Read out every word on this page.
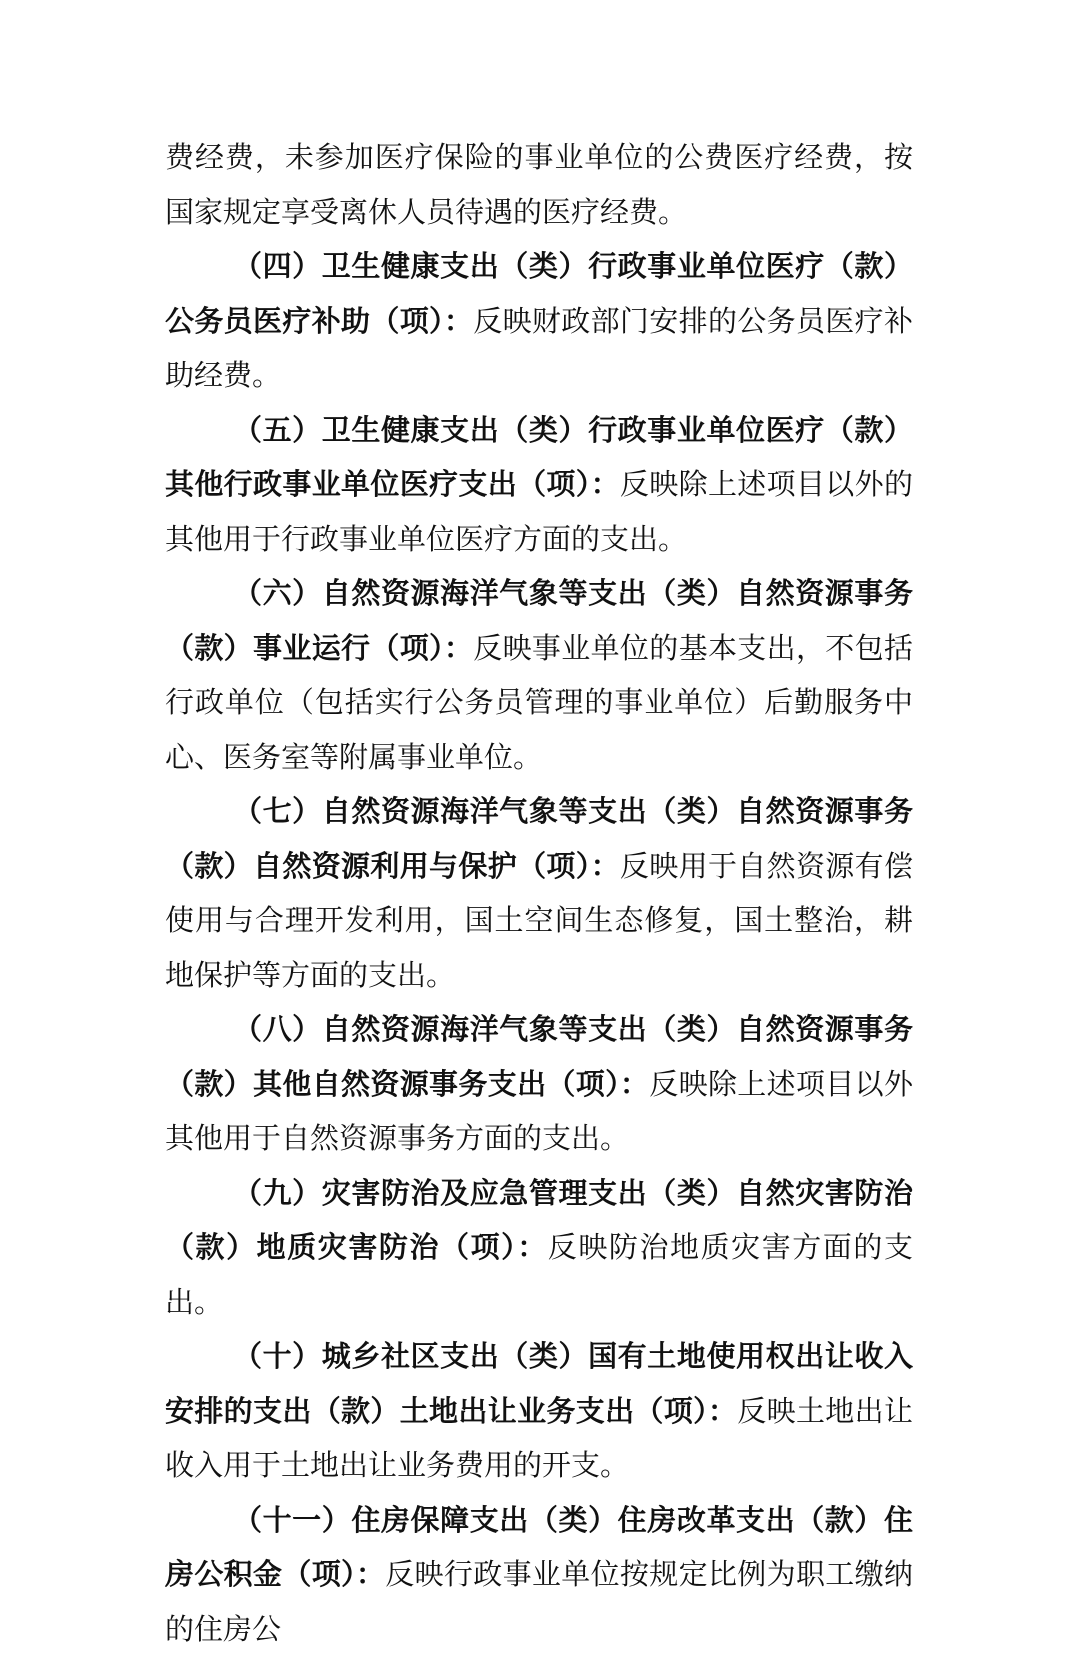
费经费，未参加医疗保险的事业单位的公费医疗经费，按国家规定享受离休人员待遇的医疗经费。

（四）卫生健康支出（类）行政事业单位医疗（款）公务员医疗补助（项）：反映财政部门安排的公务员医疗补助经费。

（五）卫生健康支出（类）行政事业单位医疗（款）其他行政事业单位医疗支出（项）：反映除上述项目以外的其他用于行政事业单位医疗方面的支出。

（六）自然资源海洋气象等支出（类）自然资源事务（款）事业运行（项）：反映事业单位的基本支出，不包括行政单位（包括实行公务员管理的事业单位）后勤服务中心、医务室等附属事业单位。

（七）自然资源海洋气象等支出（类）自然资源事务（款）自然资源利用与保护（项）：反映用于自然资源有偿使用与合理开发利用，国土空间生态修复，国土整治，耕地保护等方面的支出。

（八）自然资源海洋气象等支出（类）自然资源事务（款）其他自然资源事务支出（项）：反映除上述项目以外其他用于自然资源事务方面的支出。

（九）灾害防治及应急管理支出（类）自然灾害防治（款）地质灾害防治（项）：反映防治地质灾害方面的支出。

（十）城乡社区支出（类）国有土地使用权出让收入安排的支出（款）土地出让业务支出（项）：反映土地出让收入用于土地出让业务费用的开支。

（十一）住房保障支出（类）住房改革支出（款）住房公积金（项）：反映行政事业单位按规定比例为职工缴纳的住房公
